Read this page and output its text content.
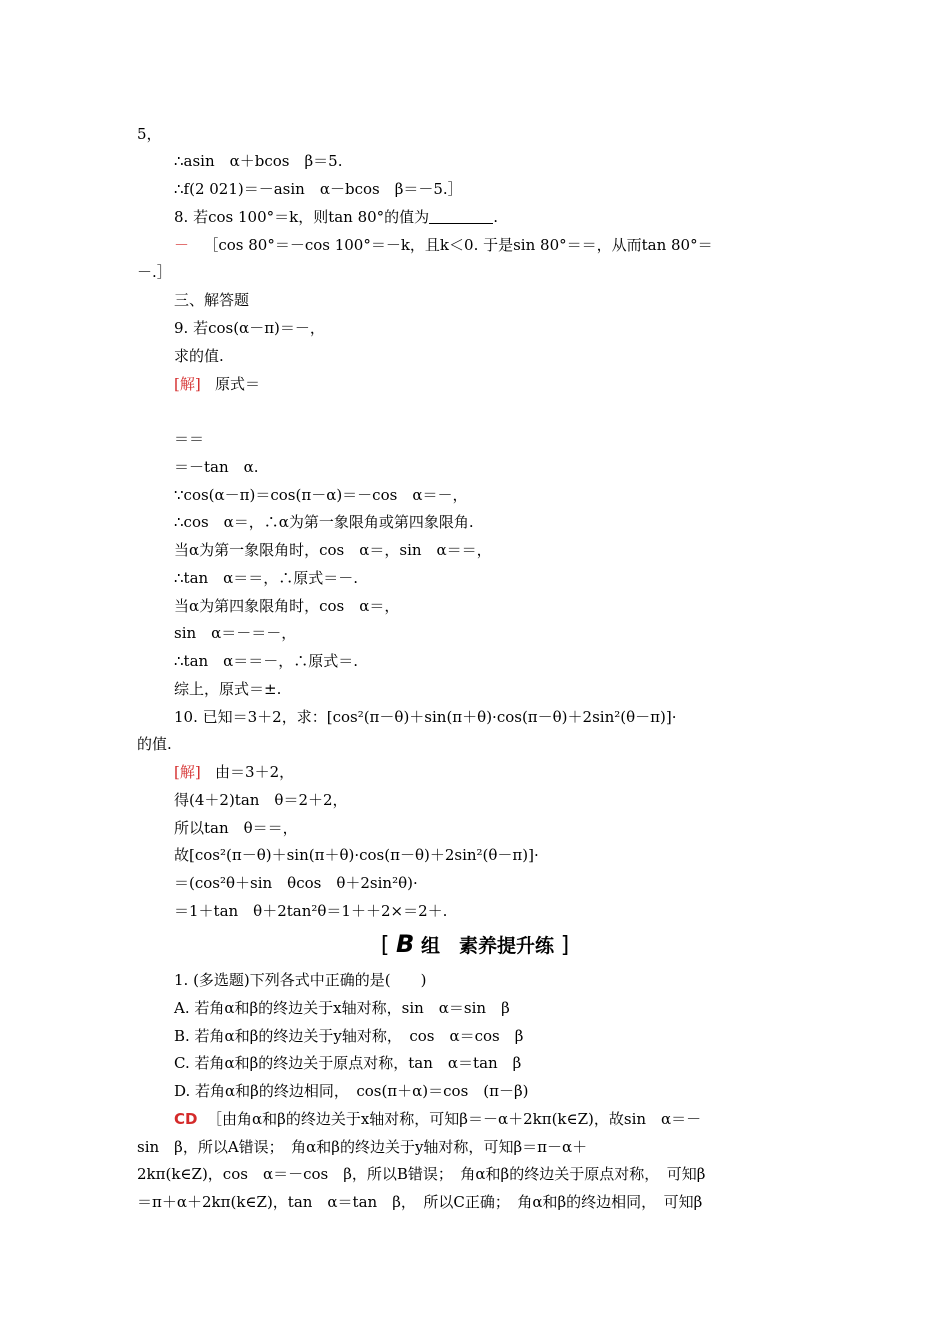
5，
∴asin　α＋bcos　β＝5.
∴f(2 021)＝－asin　α－bcos　β＝－5.］
8. 若cos 100°＝k，则tan 80°的值为	.
－ ［cos 80°＝－cos 100°＝－k，且k＜0. 于是sin 80°＝＝，从而tan 80°＝
－.］
三、解答题
9. 若cos(α－π)＝－，
求的值.
[解] 原式＝
＝＝
＝－tan　α.
∵cos(α－π)＝cos(π－α)＝－cos　α＝－，
∴cos　α＝，∴α为第一象限角或第四象限角.
当α为第一象限角时，cos　α＝，sin　α＝＝，
∴tan　α＝＝，∴原式＝－.
当α为第四象限角时，cos　α＝，
sin　α＝－＝－，
∴tan　α＝＝－，∴原式＝.
综上，原式＝±.
10. 已知＝3＋2，求：[cos²(π－θ)＋sin(π＋θ)·cos(π－θ)＋2sin²(θ－π)]·
的值.
[解] 由＝3＋2，
得(4＋2)tan　θ＝2＋2，
所以tan　θ＝＝，
故[cos²(π－θ)＋sin(π＋θ)·cos(π－θ)＋2sin²(θ－π)]·
＝(cos²θ＋sin　θcos　θ＋2sin²θ)·
＝1＋tan　θ＋2tan²θ＝1＋＋2×＝2＋.
[ B 组　素养提升练 ]
1. (多选题)下列各式中正确的是(　　)
A. 若角α和β的终边关于x轴对称，sin　α＝sin　β
B. 若角α和β的终边关于y轴对称，　cos　α＝cos　β
C. 若角α和β的终边关于原点对称，tan　α＝tan　β
D. 若角α和β的终边相同，　cos(π＋α)＝cos　(π－β)
CD ［由角α和β的终边关于x轴对称，可知β＝－α＋2kπ(k∈Z)，故sin　α＝－
sin　β，所以A错误；　角α和β的终边关于y轴对称，可知β＝π－α＋
2kπ(k∈Z)，cos　α＝－cos　β，所以B错误；　角α和β的终边关于原点对称，　可知β
＝π＋α＋2kπ(k∈Z)，tan　α＝tan　β，　所以C正确；　角α和β的终边相同，　可知β
